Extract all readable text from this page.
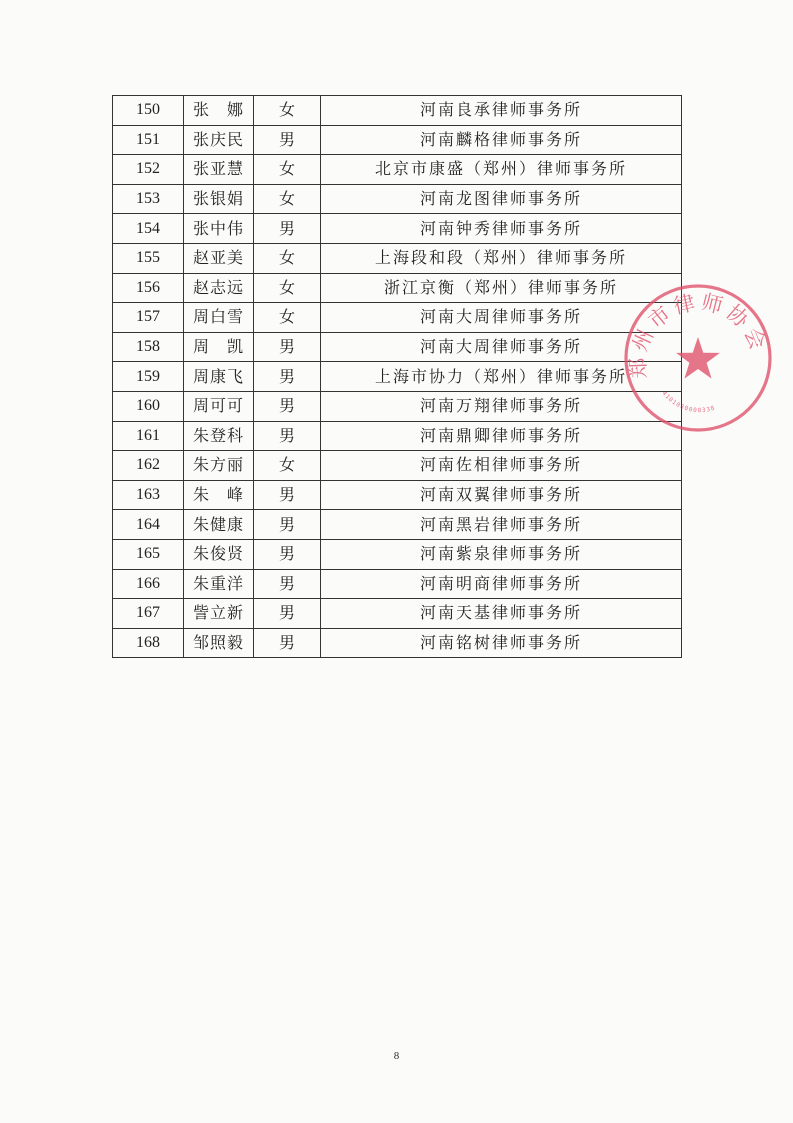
150	张　娜	女	河南良承律师事务所
151	张庆民	男	河南麟格律师事务所
152	张亚慧	女	北京市康盛（郑州）律师事务所
153	张银娟	女	河南龙图律师事务所
154	张中伟	男	河南钟秀律师事务所
155	赵亚美	女	上海段和段（郑州）律师事务所
156	赵志远	女	浙江京衡（郑州）律师事务所
157	周白雪	女	河南大周律师事务所
158	周　凯	男	河南大周律师事务所
159	周康飞	男	上海市协力（郑州）律师事务所
160	周可可	男	河南万翔律师事务所
161	朱登科	男	河南鼎卿律师事务所
162	朱方丽	女	河南佐相律师事务所
163	朱　峰	男	河南双翼律师事务所
164	朱健康	男	河南黑岩律师事务所
165	朱俊贤	男	河南紫泉律师事务所
166	朱重洋	男	河南明商律师事务所
167	訾立新	男	河南天基律师事务所
168	邹照毅	男	河南铭树律师事务所
郑州市律师协会
4101030000338
8
